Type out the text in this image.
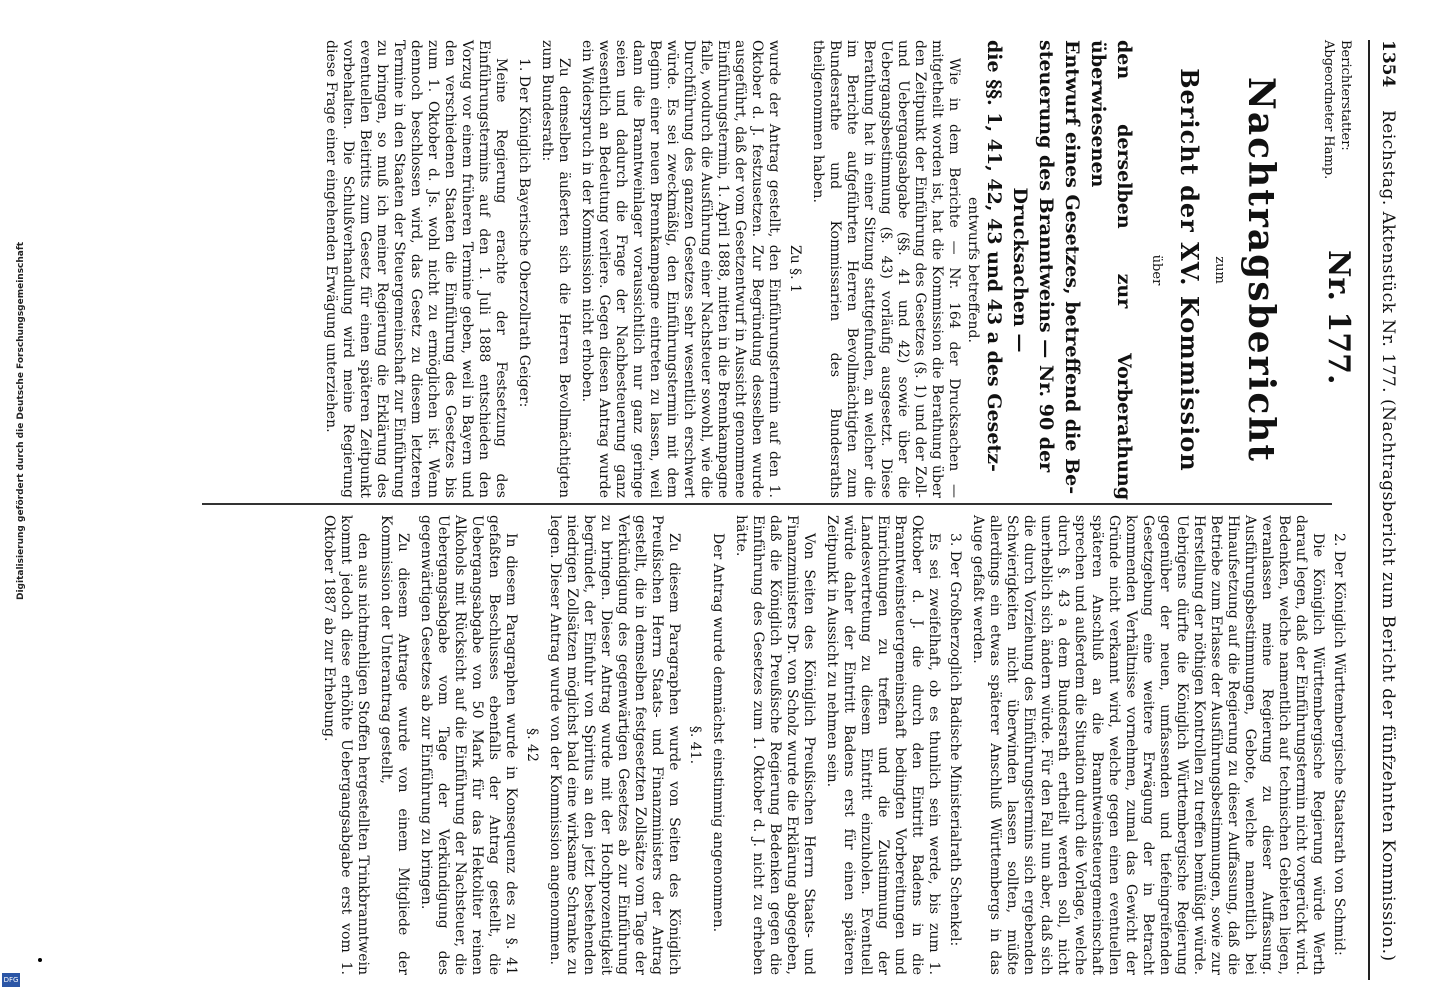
1354
Reichstag. Aktenstück Nr. 177. (Nachtragsbericht zum Bericht der fünfzehnten Kommission.)
Berichterstatter:
Abgeordneter Hamp.
Nr. 177.
Nachtragsbericht
zum
Bericht der XV. Kommission
über
den derselben zur Vorberathung überwiesenen
Entwurf eines Gesetzes, betreffend die Be-
steuerung des Branntweins — Nr. 90 der
Drucksachen —
die §§. 1, 41, 42, 43 und 43 a des Gesetz-
entwurfs betreffend.

Wie in dem Berichte — Nr. 164 der Drucksachen — mitgetheilt worden ist, hat die Kommission die Berathung über den Zeitpunkt der Einführung des Gesetzes (§. 1) und der Zoll- und Uebergangsabgabe (§§. 41 und 42) sowie über die Uebergangsbestimmung (§. 43) vorläufig ausgesetzt. Diese Berathung hat in einer Sitzung stattgefunden, an welcher die im Berichte aufgeführten Herren Bevollmächtigten zum Bundesrathe und Kommissarien des Bundesraths theilgenommen haben.

Zu §. 1

wurde der Antrag gestellt, den Einführungstermin auf den 1. Oktober d. J. festzusetzen. Zur Begründung desselben wurde ausgeführt, daß der vom Gesetzentwurf in Aussicht genommene Einführungstermin, 1. April 1888, mitten in die Brennkampagne falle, wodurch die Ausführung einer Nachsteuer sowohl, wie die Durchführung des ganzen Gesetzes sehr wesentlich erschwert würde. Es sei zweckmäßig, den Einführungstermin mit dem Beginn einer neuen Brennkampagne eintreten zu lassen, weil dann die Branntweinlager voraussichtlich nur ganz geringe seien und dadurch die Frage der Nachbesteuerung ganz wesentlich an Bedeutung verliere. Gegen diesen Antrag wurde ein Widerspruch in der Kommission nicht erhoben.

Zu demselben äußerten sich die Herren Bevollmächtigten zum Bundesrath:

1. Der Königlich Bayerische Oberzollrath Geiger:

Meine Regierung erachte der Festsetzung des Einführungstermins auf den 1. Juli 1888 entschieden den Vorzug vor einem früheren Termine geben, weil in Bayern und den verschiedenen Staaten die Einführung des Gesetzes bis zum 1. Oktober d. Js. wohl nicht zu ermöglichen ist. Wenn dennoch beschlossen wird, das Gesetz zu diesem letzteren Termine in den Staaten der Steuergemeinschaft zur Einführung zu bringen, so muß ich meiner Regierung die Erklärung des eventuellen Beitritts zum Gesetz für einen späteren Zeitpunkt vorbehalten. Die Schlußverhandlung wird meine Regierung diese Frage einer eingehenden Erwägung unterziehen.

2. Der Königlich Württembergische Staatsrath von Schmid:

Die Königlich Württembergische Regierung würde Werth darauf legen, daß der Einführungstermin nicht vorgerückt wird. Bedenken, welche namentlich auf technischen Gebieten liegen, veranlassen meine Regierung zu dieser Auffassung. Ausführungsbestimmungen, Gebote, welche namentlich bei Hinaufsetzung auf die Regierung zu dieser Auffassung, daß die Betriebe zum Erlasse der Ausführungsbestimmungen, sowie zur Herstellung der nöthigen Kontrollen zu treffen bemüßigt würde. Uebrigens dürfte die Königlich Württembergische Regierung gegenüber der neuen, umfassenden und tiefeingreifenden Gesetzgebung eine weitere Erwägung der in Betracht kommenden Verhältnisse vornehmen, zumal das Gewicht der Gründe nicht verkannt wird, welche gegen einen eventuellen späteren Anschluß an die Branntweinsteuergemeinschaft sprechen und außerdem die Situation durch die Vorlage, welche durch §. 43 a dem Bundesrath ertheilt werden soll, nicht unerheblich sich ändern würde. Für den Fall nun aber, daß sich die durch Vorziehung des Einführungstermins sich ergebenden Schwierigkeiten nicht überwinden lassen sollten, müßte allerdings ein etwas späterer Anschluß Württembergs in das Auge gefaßt werden.

3. Der Großherzoglich Badische Ministerialrath Schenkel:

Es sei zweifelhaft, ob es thunlich sein werde, bis zum 1. Oktober d. J. die durch den Eintritt Badens in die Branntweinsteuergemeinschaft bedingten Vorbereitungen und Einrichtungen zu treffen und die Zustimmung der Landesvertretung zu diesem Eintritt einzuholen. Eventuell würde daher der Eintritt Badens erst für einen späteren Zeitpunkt in Aussicht zu nehmen sein.

Von Seiten des Königlich Preußischen Herrn Staats- und Finanzministers Dr. von Scholz wurde die Erklärung abgegeben, daß die Königlich Preußische Regierung Bedenken gegen die Einführung des Gesetzes zum 1. Oktober d. J. nicht zu erheben hätte.

Der Antrag wurde demnächst einstimmig angenommen.

§. 41.

Zu diesem Paragraphen wurde von Seiten des Königlich Preußischen Herrn Staats- und Finanzministers der Antrag gestellt, die in demselben festgesetzten Zollsätze vom Tage der Verkündigung des gegenwärtigen Gesetzes ab zur Einführung zu bringen. Dieser Antrag wurde mit der Hochprozentigkeit begründet, der Einfuhr von Spiritus an den jetzt bestehenden niedrigen Zollsätzen möglichst bald eine wirksame Schranke zu legen. Dieser Antrag wurde von der Kommission angenommen.

§. 42

In diesem Paragraphen wurde in Konsequenz des zu §. 41 gefaßten Beschlusses ebenfalls der Antrag gestellt, die Uebergangsabgabe von 50 Mark für das Hektoliter reinen Alkohols mit Rücksicht auf die Einführung der Nachsteuer, die Uebergangsabgabe vom Tage der Verkündigung des gegenwärtigen Gesetzes ab zur Einführung zu bringen.

Zu diesem Antrage wurde von einem Mitgliede der Kommission der Unterantrag gestellt,

den aus nichtmehligen Stoffen hergestellten Trinkbranntwein kommt jedoch diese erhöhte Uebergangsabgabe erst vom 1. Oktober 1887 ab zur Erhebung.

Digitalisierung gefördert durch die Deutsche Forschungsgemeinschaft
DFG
